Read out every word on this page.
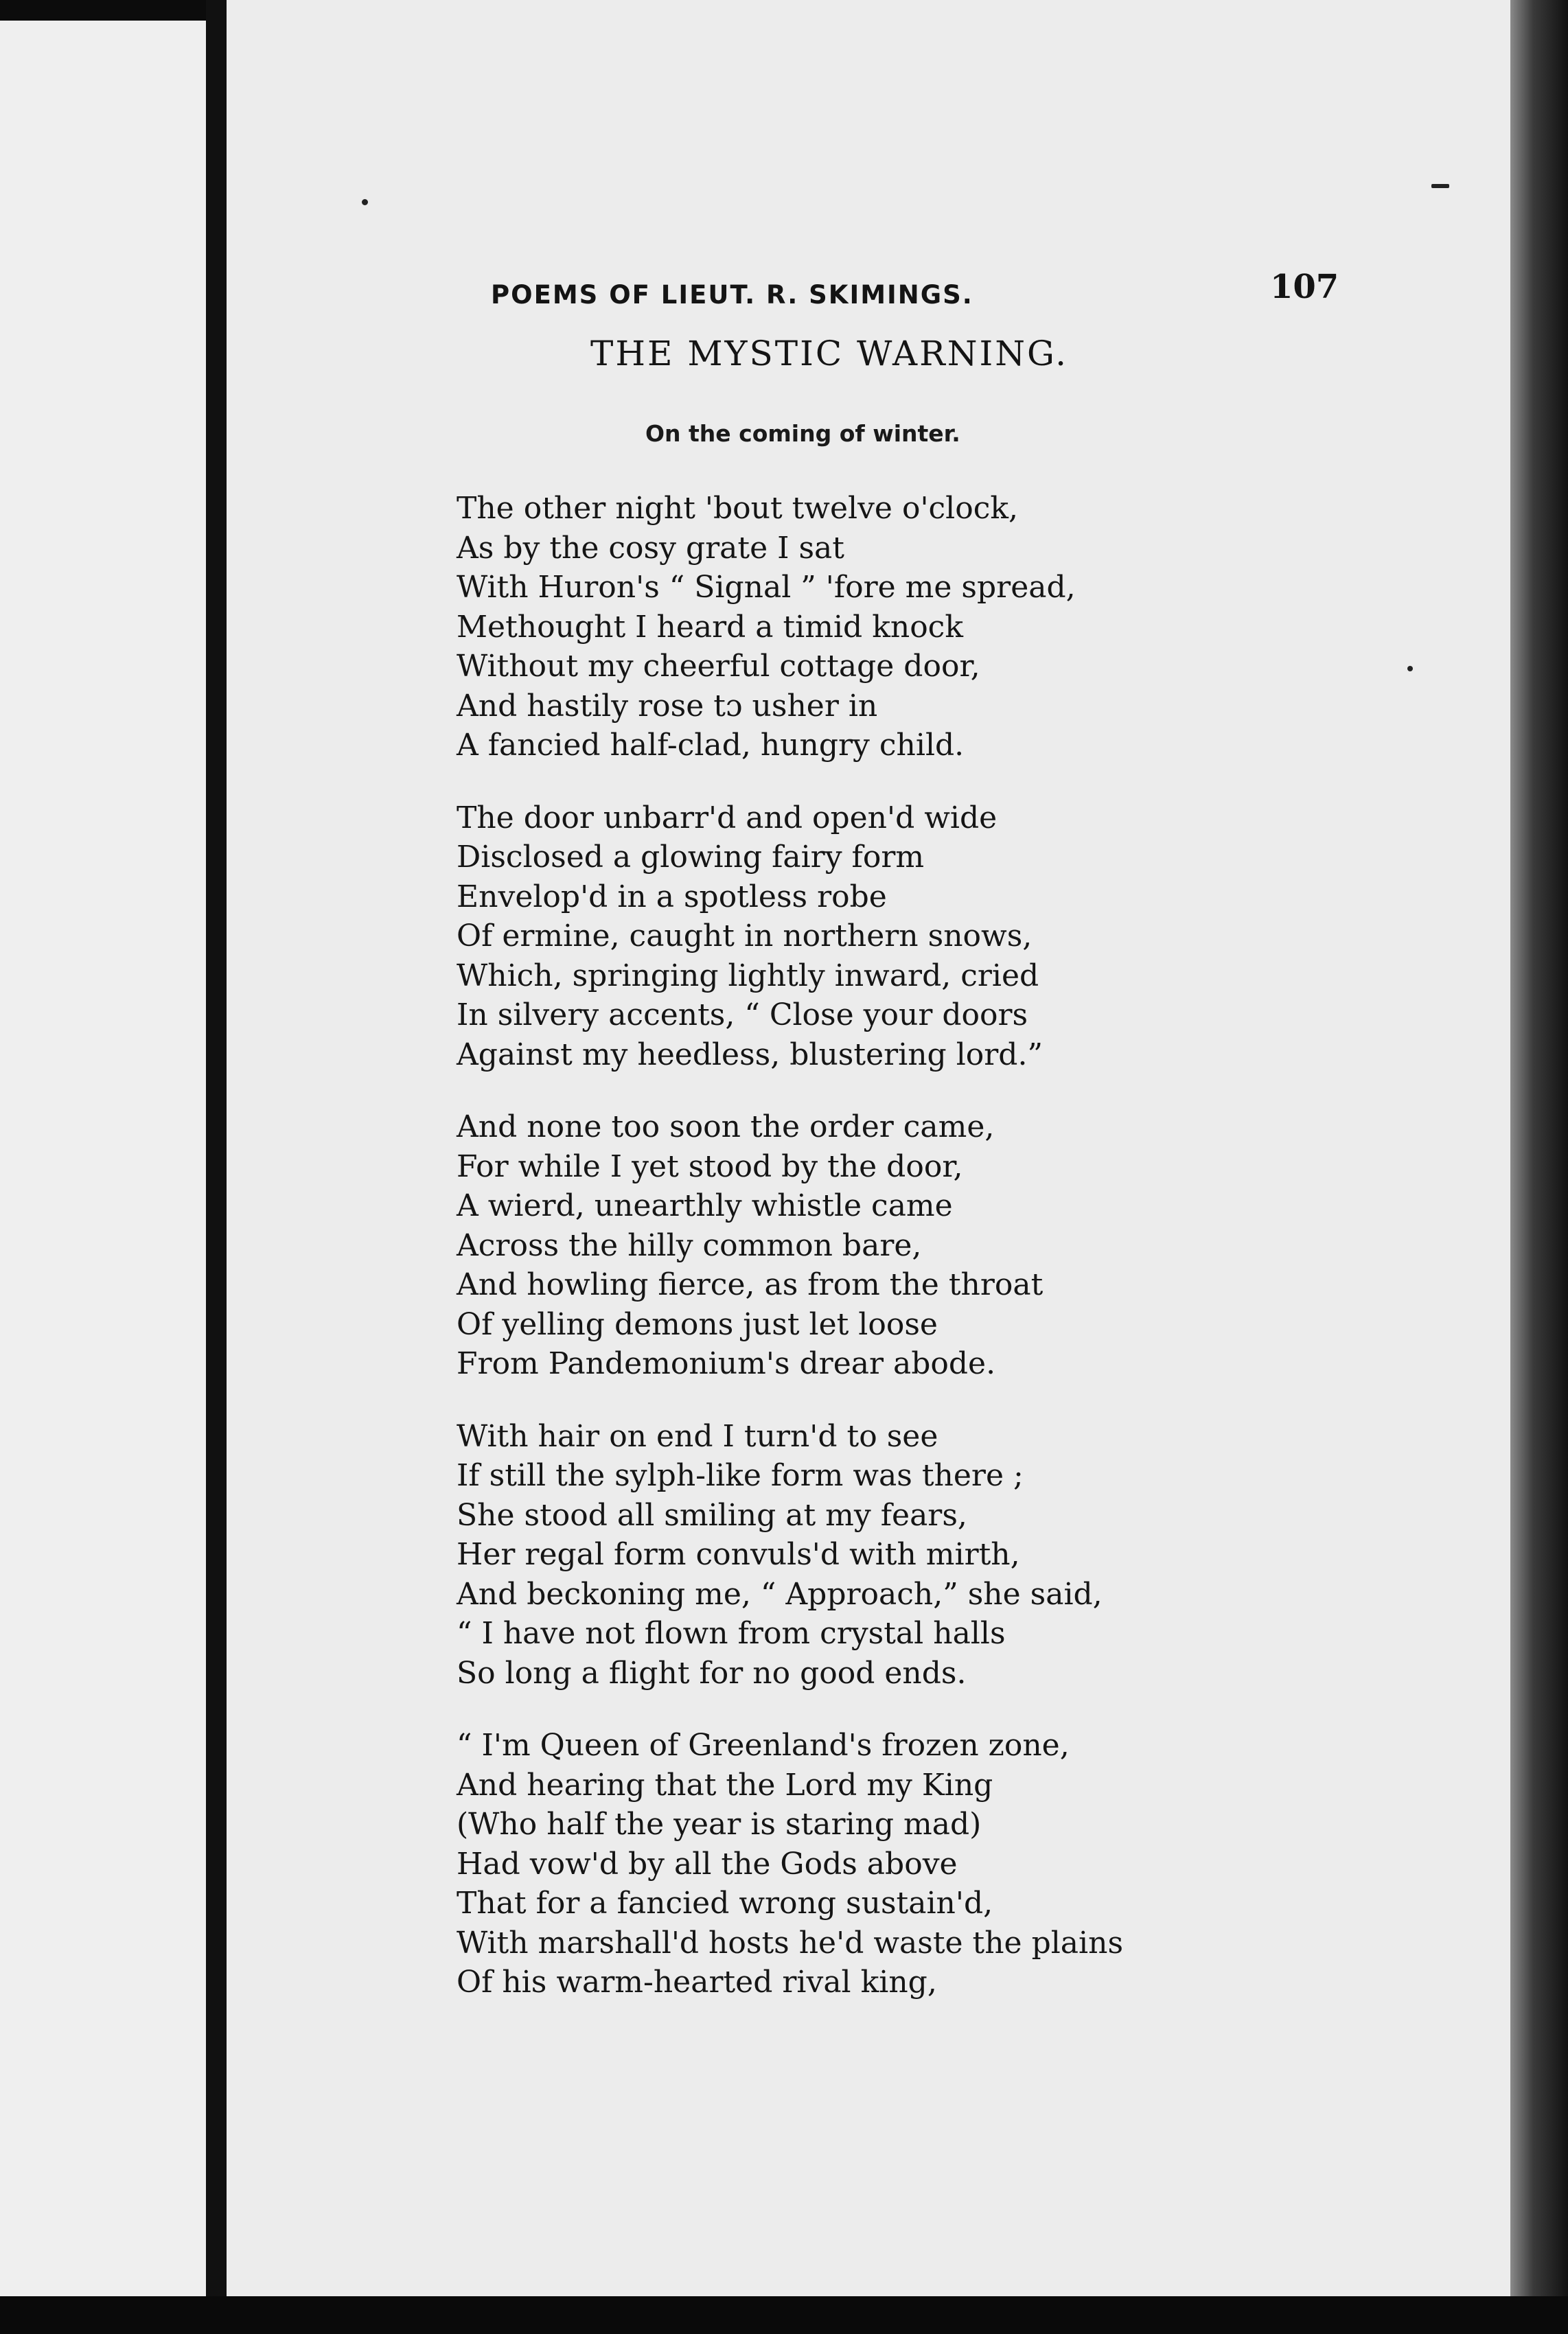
POEMS OF LIEUT. R. SKIMINGS.	107
THE MYSTIC WARNING.
On the coming of winter.
The other night 'bout twelve o'clock,
As by the cosy grate I sat
With Huron's “ Signal ” 'fore me spread,
Methought I heard a timid knock
Without my cheerful cottage door,
And hastily rose tɔ usher in
A fancied half-clad, hungry child.
The door unbarr'd and open'd wide
Disclosed a glowing fairy form
Envelop'd in a spotless robe
Of ermine, caught in northern snows,
Which, springing lightly inward, cried
In silvery accents, “ Close your doors
Against my heedless, blustering lord.”
And none too soon the order came,
For while I yet stood by the door,
A wierd, unearthly whistle came
Across the hilly common bare,
And howling fierce, as from the throat
Of yelling demons just let loose
From Pandemonium's drear abode.
With hair on end I turn'd to see
If still the sylph-like form was there ;
She stood all smiling at my fears,
Her regal form convuls'd with mirth,
And beckoning me, “ Approach,” she said,
“ I have not flown from crystal halls
So long a flight for no good ends.
“ I'm Queen of Greenland's frozen zone,
And hearing that the Lord my King
(Who half the year is staring mad)
Had vow'd by all the Gods above
That for a fancied wrong sustain'd,
With marshall'd hosts he'd waste the plains
Of his warm-hearted rival king,
